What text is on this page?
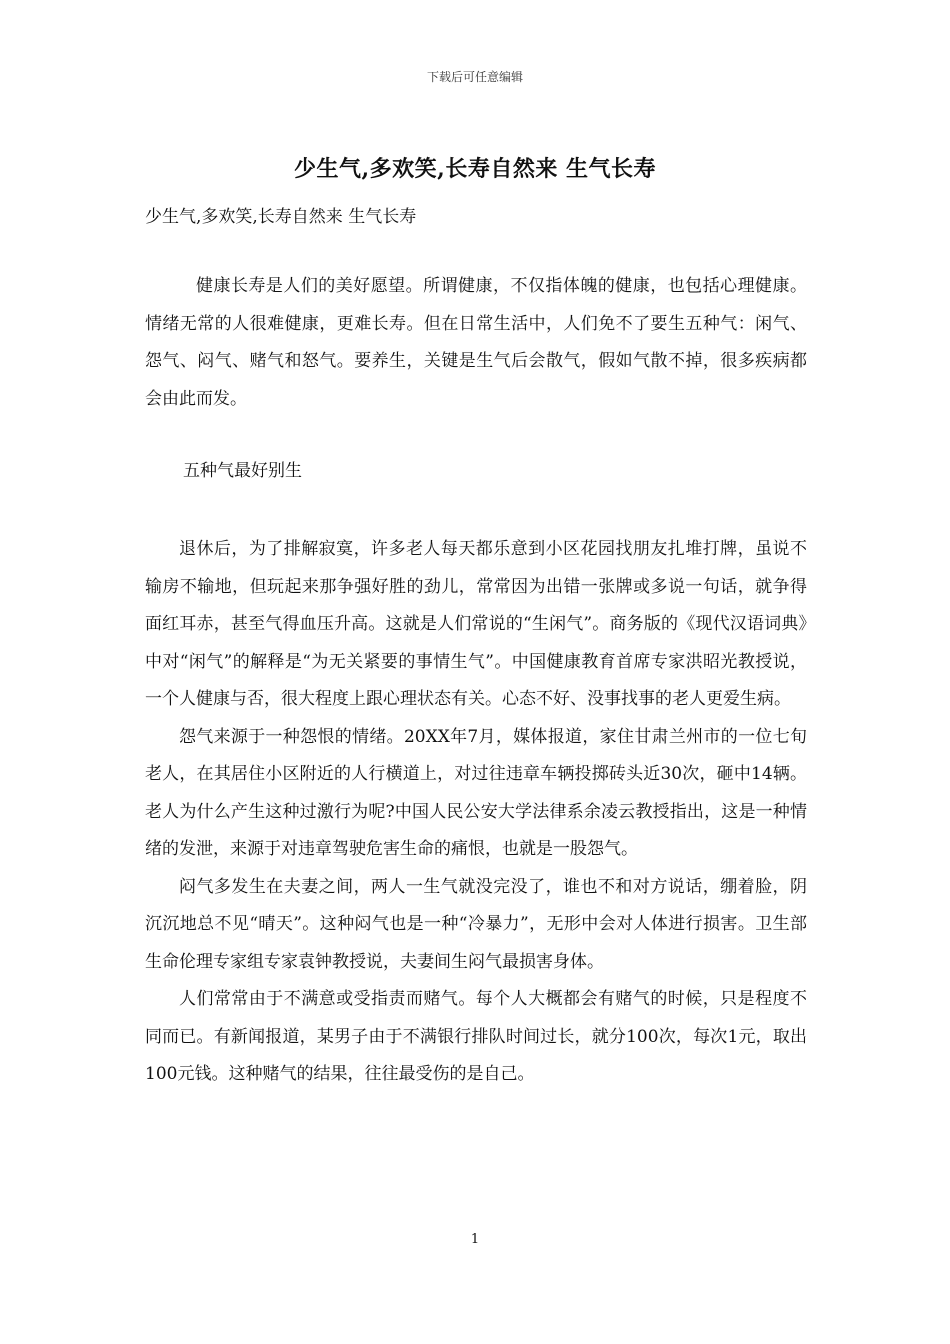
下载后可任意编辑
少生气,多欢笑,长寿自然来 生气长寿
少生气,多欢笑,长寿自然来 生气长寿

健康长寿是人们的美好愿望。所谓健康，不仅指体魄的健康，也包括心理健康。情绪无常的人很难健康，更难长寿。但在日常生活中，人们免不了要生五种气：闲气、怨气、闷气、赌气和怒气。要养生，关键是生气后会散气，假如气散不掉，很多疾病都会由此而发。

五种气最好别生

退休后，为了排解寂寞，许多老人每天都乐意到小区花园找朋友扎堆打牌，虽说不输房不输地，但玩起来那争强好胜的劲儿，常常因为出错一张牌或多说一句话，就争得面红耳赤，甚至气得血压升高。这就是人们常说的“生闲气”。商务版的《现代汉语词典》中对“闲气”的解释是“为无关紧要的事情生气”。中国健康教育首席专家洪昭光教授说，一个人健康与否，很大程度上跟心理状态有关。心态不好、没事找事的老人更爱生病。

怨气来源于一种怨恨的情绪。20XX年7月，媒体报道，家住甘肃兰州市的一位七旬老人，在其居住小区附近的人行横道上，对过往违章车辆投掷砖头近30次，砸中14辆。老人为什么产生这种过激行为呢?中国人民公安大学法律系余凌云教授指出，这是一种情绪的发泄，来源于对违章驾驶危害生命的痛恨，也就是一股怨气。

闷气多发生在夫妻之间，两人一生气就没完没了，谁也不和对方说话，绷着脸，阴沉沉地总不见“晴天”。这种闷气也是一种“冷暴力”，无形中会对人体进行损害。卫生部生命伦理专家组专家袁钟教授说，夫妻间生闷气最损害身体。

人们常常由于不满意或受指责而赌气。每个人大概都会有赌气的时候，只是程度不同而已。有新闻报道，某男子由于不满银行排队时间过长，就分100次，每次1元，取出100元钱。这种赌气的结果，往往最受伤的是自己。

1
